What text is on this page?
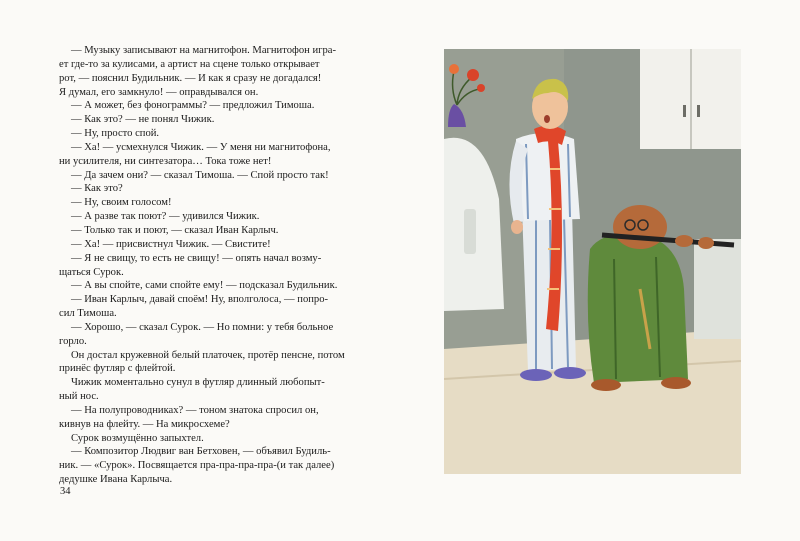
— Музыку записывают на магнитофон. Магнитофон игра-

ет где-то за кулисами, а артист на сцене только открывает

рот, — пояснил Будильник. — И как я сразу не догадался!

Я думал, его замкнуло! — оправдывался он.

— А может, без фонограммы? — предложил Тимоша.

— Как это? — не понял Чижик.

— Ну, просто спой.

— Ха! — усмехнулся Чижик. — У меня ни магнитофона,

ни усилителя, ни синтезатора… Тока тоже нет!

— Да зачем они? — сказал Тимоша. — Спой просто так!

— Как это?

— Ну, своим голосом!

— А разве так поют? — удивился Чижик.

— Только так и поют, — сказал Иван Карлыч.

— Ха! — присвистнул Чижик. — Свистите!

— Я не свищу, то есть не свищу! — опять начал возму-

щаться Сурок.

— А вы спойте, сами спойте ему! — подсказал Будильник.

— Иван Карлыч, давай споём! Ну, вполголоса, — попро-

сил Тимоша.

— Хорошо, — сказал Сурок. — Но помни: у тебя больное

горло.

Он достал кружевной белый платочек, протёр пенсне, потом

принёс футляр с флейтой.

Чижик моментально сунул в футляр длинный любопыт-

ный нос.

— На полупроводниках? — тоном знатока спросил он,

кивнув на флейту. — На микросхеме?

Сурок возмущённо запыхтел.

— Композитор Людвиг ван Бетховен, — объявил Будиль-

ник. — «Сурок». Посвящается пра-пра-пра-пра-(и так далее)

дедушке Ивана Карлыча.

34
